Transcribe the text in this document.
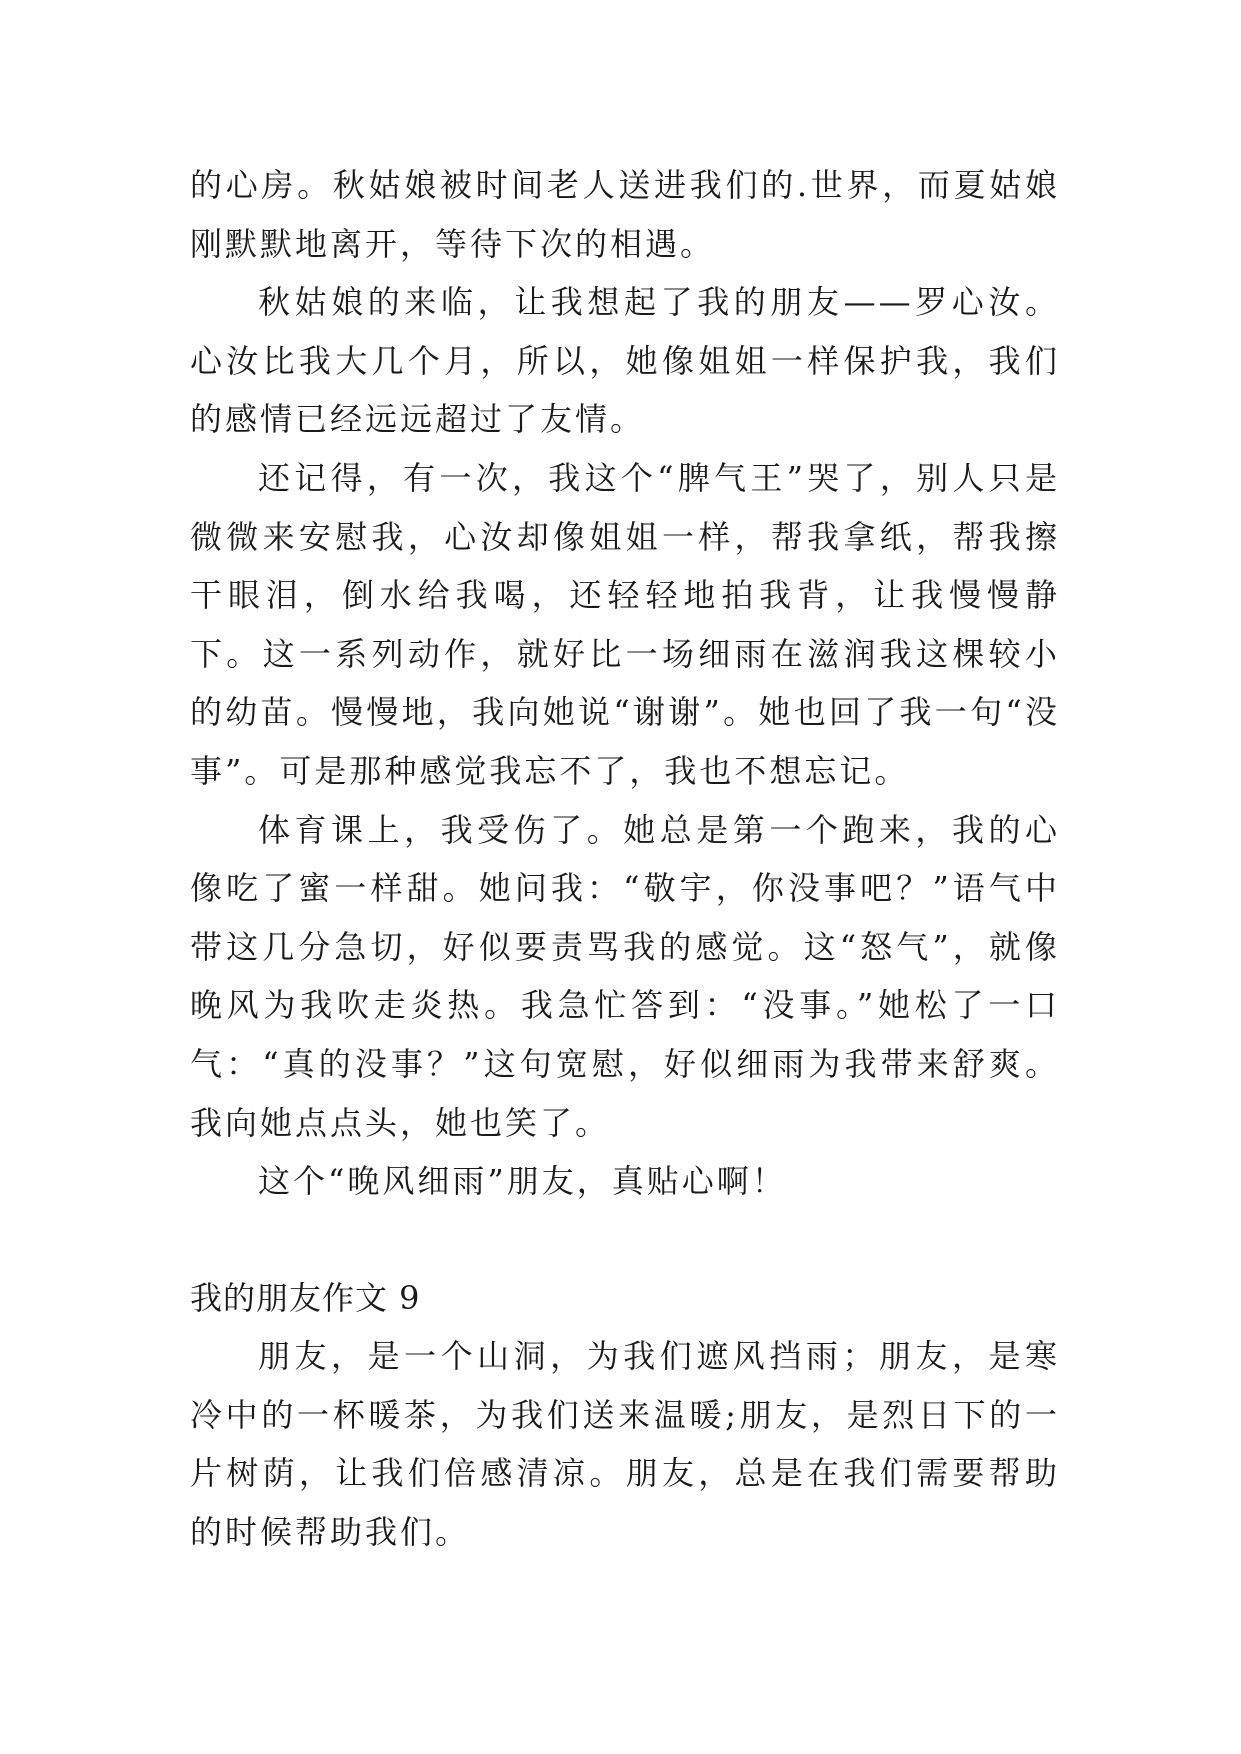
的心房。秋姑娘被时间老人送进我们的.世界，而夏姑娘刚默默地离开，等待下次的相遇。

秋姑娘的来临，让我想起了我的朋友——罗心汝。心汝比我大几个月，所以，她像姐姐一样保护我，我们的感情已经远远超过了友情。

还记得，有一次，我这个“脾气王”哭了，别人只是微微来安慰我，心汝却像姐姐一样，帮我拿纸，帮我擦干眼泪，倒水给我喝，还轻轻地拍我背，让我慢慢静下。这一系列动作，就好比一场细雨在滋润我这棵较小的幼苗。慢慢地，我向她说“谢谢”。她也回了我一句“没事”。可是那种感觉我忘不了，我也不想忘记。

体育课上，我受伤了。她总是第一个跑来，我的心像吃了蜜一样甜。她问我：“敬宇，你没事吧？”语气中带这几分急切，好似要责骂我的感觉。这“怒气”，就像晚风为我吹走炎热。我急忙答到：“没事。”她松了一口气：“真的没事？”这句宽慰，好似细雨为我带来舒爽。我向她点点头，她也笑了。

这个“晚风细雨”朋友，真贴心啊！

我的朋友作文 9

朋友，是一个山洞，为我们遮风挡雨；朋友，是寒冷中的一杯暖茶，为我们送来温暖;朋友，是烈日下的一片树荫，让我们倍感清凉。朋友，总是在我们需要帮助的时候帮助我们。
